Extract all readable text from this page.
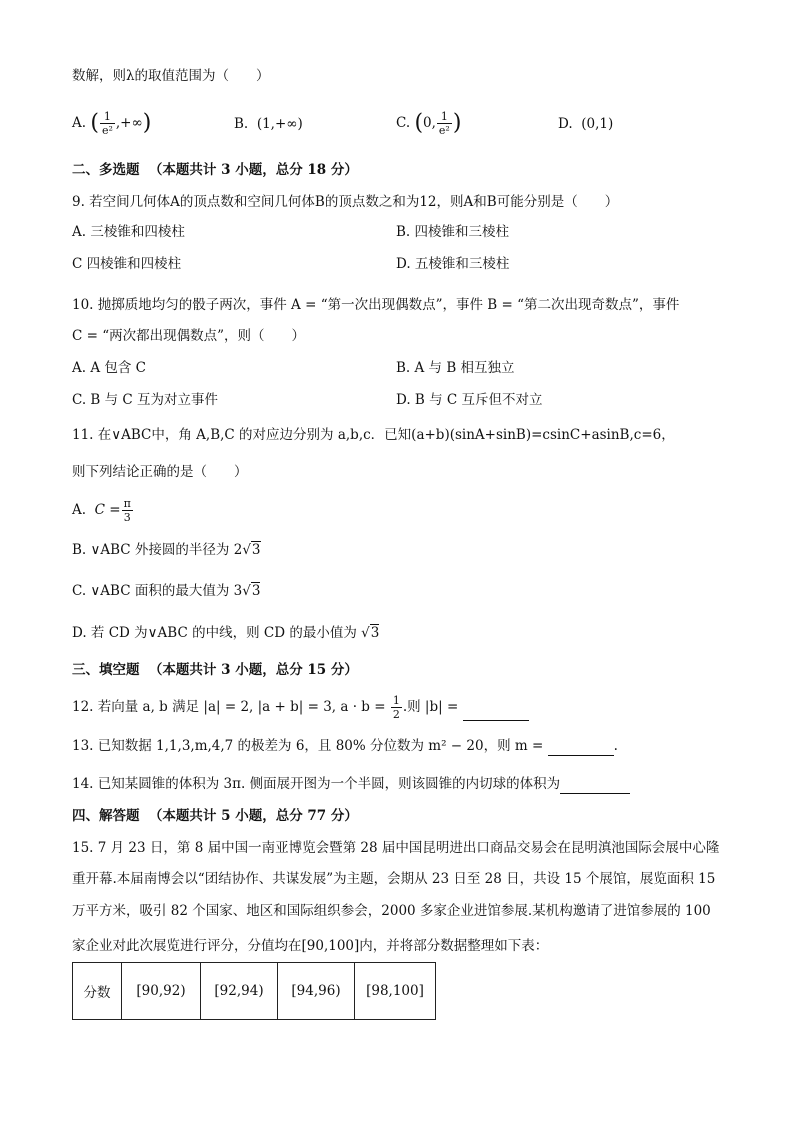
数解，则λ的取值范围为（　　）
A. ( $\frac{1}{\text{e²}}$ ,+∞)	B. (1,+∞)	C. (0, $\frac{1}{\text{e²}}$ )	D. (0,1)
二、多选题 （本题共计 3 小题，总分 18 分）
9. 若空间几何体A的顶点数和空间几何体B的顶点数之和为12，则A和B可能分别是（　　）
A. 三棱锥和四棱柱	B. 四棱锥和三棱柱
C 四棱锥和四棱柱	D. 五棱锥和三棱柱
10. 抛掷质地均匀的骰子两次，事件 A = “第一次出现偶数点”，事件 B = “第二次出现奇数点”，事件
C = “两次都出现偶数点”，则（　　）
A. A 包含 C	B. A 与 B 相互独立
C. B 与 C 互为对立事件	D. B 与 C 互斥但不对立
11. 在∨ABC中，角 A,B,C 的对应边分别为 a,b,c．已知(a+b)(sinA+sinB)=csinC+asinB,c=6，
则下列结论正确的是（　　）
A. $C = \frac{\pi}{3}$
B. ∨ABC 外接圆的半径为 2√3
C. ∨ABC 面积的最大值为 3√3
D. 若 CD 为∨ABC 的中线，则 CD 的最小值为 √3
三、填空题 （本题共计 3 小题，总分 15 分）
12. 若向量 a, b 满足 |a| = 2, |a + b| = 3, $a \cdot b = \frac{1}{2}$ .则 |b| =
13. 已知数据 1,1,3,m,4,7 的极差为 6，且 80% 分位数为 m² − 20，则 m =	.
14. 已知某圆锥的体积为 3π. 侧面展开图为一个半圆，则该圆锥的内切球的体积为
四、解答题 （本题共计 5 小题，总分 77 分）
15. 7 月 23 日，第 8 届中国一南亚博览会暨第 28 届中国昆明进出口商品交易会在昆明滇池国际会展中心隆
重开幕.本届南博会以“团结协作、共谋发展”为主题，会期从 23 日至 28 日，共设 15 个展馆，展览面积 15
万平方米，吸引 82 个国家、地区和国际组织参会，2000 多家企业进馆参展.某机构邀请了进馆参展的 100
家企业对此次展览进行评分，分值均在[90,100]内，并将部分数据整理如下表：
分数	[90,92)	[92,94)	[94,96)	[98,100]
